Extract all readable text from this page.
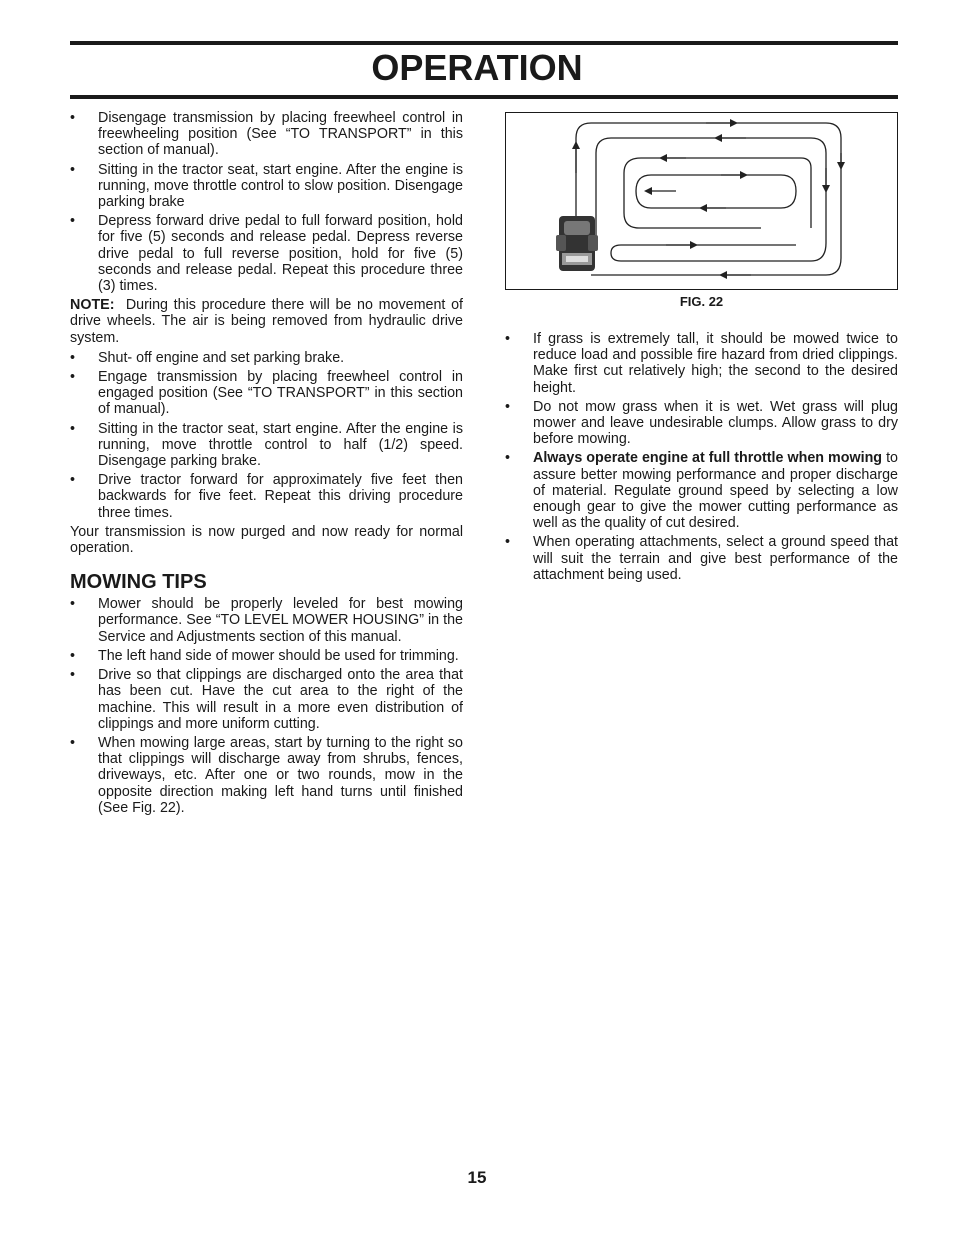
OPERATION
• Disengage transmission by placing freewheel control in freewheeling position (See “TO TRANSPORT” in this section of manual).
• Sitting in the tractor seat, start engine. After the engine is running, move throttle control to slow position. Disengage parking brake
• Depress forward drive pedal to full forward position, hold for five (5) seconds and release pedal. Depress reverse drive pedal to full reverse position, hold for five (5) seconds and release pedal. Repeat this procedure three (3) times.

NOTE: During this procedure there will be no movement of drive wheels. The air is being removed from hydraulic drive system.

• Shut- off engine and set parking brake.
• Engage transmission by placing freewheel control in engaged position (See “TO TRANSPORT” in this section of manual).
• Sitting in the tractor seat, start engine. After the engine is running, move throttle control to half (1/2) speed. Disengage parking brake.
• Drive tractor forward for approximately five feet then backwards for five feet. Repeat this driving procedure three times.

Your transmission is now purged and now ready for normal operation.

MOWING TIPS
• Mower should be properly leveled for best mowing performance. See “TO LEVEL MOWER HOUSING” in the Service and Adjustments section of this manual.
• The left hand side of mower should be used for trimming.
• Drive so that clippings are discharged onto the area that has been cut. Have the cut area to the right of the machine. This will result in a more even distribution of clippings and more uniform cutting.
• When mowing large areas, start by turning to the right so that clippings will discharge away from shrubs, fences, driveways, etc. After one or two rounds, mow in the opposite direction making left hand turns until finished (See Fig. 22).
FIG. 22
• If grass is extremely tall, it should be mowed twice to reduce load and possible fire hazard from dried clippings. Make first cut relatively high; the second to the desired height.
• Do not mow grass when it is wet. Wet grass will plug mower and leave undesirable clumps. Allow grass to dry before mowing.
• Always operate engine at full throttle when mowing to assure better mowing performance and proper discharge of material. Regulate ground speed by selecting a low enough gear to give the mower cutting performance as well as the quality of cut desired.
• When operating attachments, select a ground speed that will suit the terrain and give best performance of the attachment being used.
15
